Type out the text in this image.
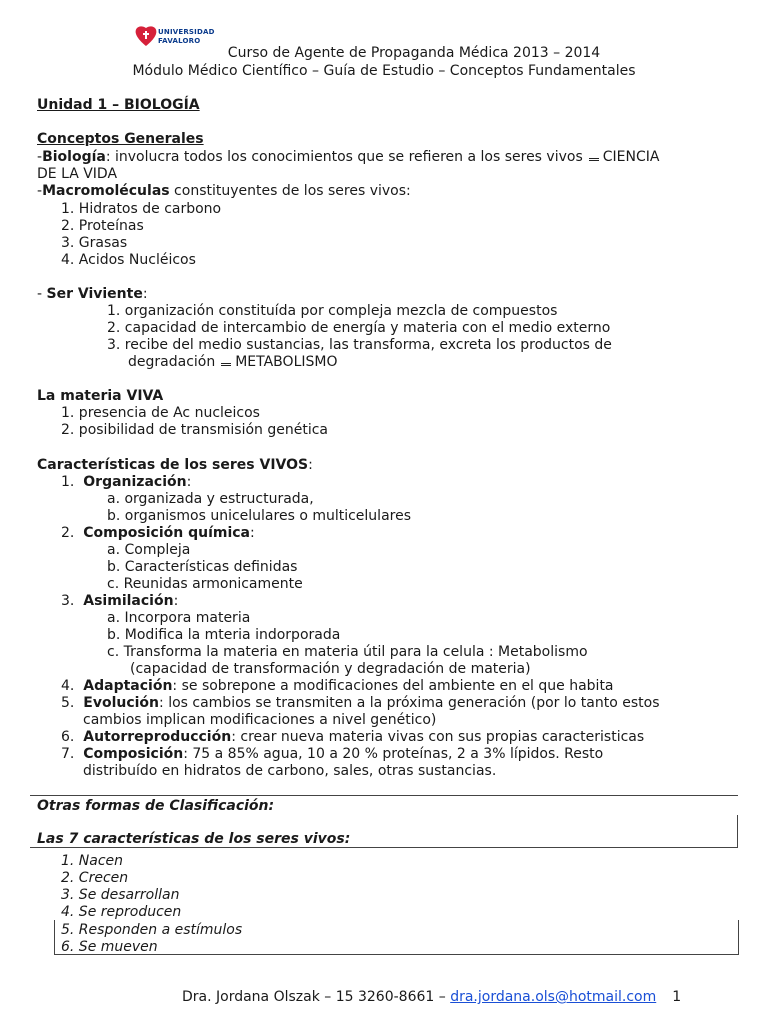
UNIVERSIDAD
FAVALORO
Curso de Agente de Propaganda Médica 2013 – 2014
Módulo Médico Científico – Guía de Estudio – Conceptos Fundamentales
Unidad 1 – BIOLOGÍA
Conceptos Generales
-Biología: involucra todos los conocimientos que se refieren a los seres vivos CIENCIA
DE LA VIDA
-Macromoléculas constituyentes de los seres vivos:
1. Hidratos de carbono
2. Proteínas
3. Grasas
4. Acidos Nucléicos
- Ser Viviente:
1. organización constituída por compleja mezcla de compuestos
2. capacidad de intercambio de energía y materia con el medio externo
3. recibe del medio sustancias, las transforma, excreta los productos de
degradación METABOLISMO
La materia VIVA
1. presencia de Ac nucleicos
2. posibilidad de transmisión genética
Características de los seres VIVOS:
1. Organización:
a. organizada y estructurada,
b. organismos unicelulares o multicelulares
2. Composición química:
a. Compleja
b. Características definidas
c. Reunidas armonicamente
3. Asimilación:
a. Incorpora materia
b. Modifica la mteria indorporada
c. Transforma la materia en materia útil para la celula : Metabolismo
(capacidad de transformación y degradación de materia)
4. Adaptación: se sobrepone a modificaciones del ambiente en el que habita
5. Evolución: los cambios se transmiten a la próxima generación (por lo tanto estos
cambios implican modificaciones a nivel genético)
6. Autorreproducción: crear nueva materia vivas con sus propias caracteristicas
7. Composición: 75 a 85% agua, 10 a 20 % proteínas, 2 a 3% lípidos. Resto
distribuído en hidratos de carbono, sales, otras sustancias.
Otras formas de Clasificación:
Las 7 características de los seres vivos:
1. Nacen
2. Crecen
3. Se desarrollan
4. Se reproducen
5. Responden a estímulos
6. Se mueven
Dra. Jordana Olszak – 15 3260-8661 – dra.jordana.ols@hotmail.com 1
